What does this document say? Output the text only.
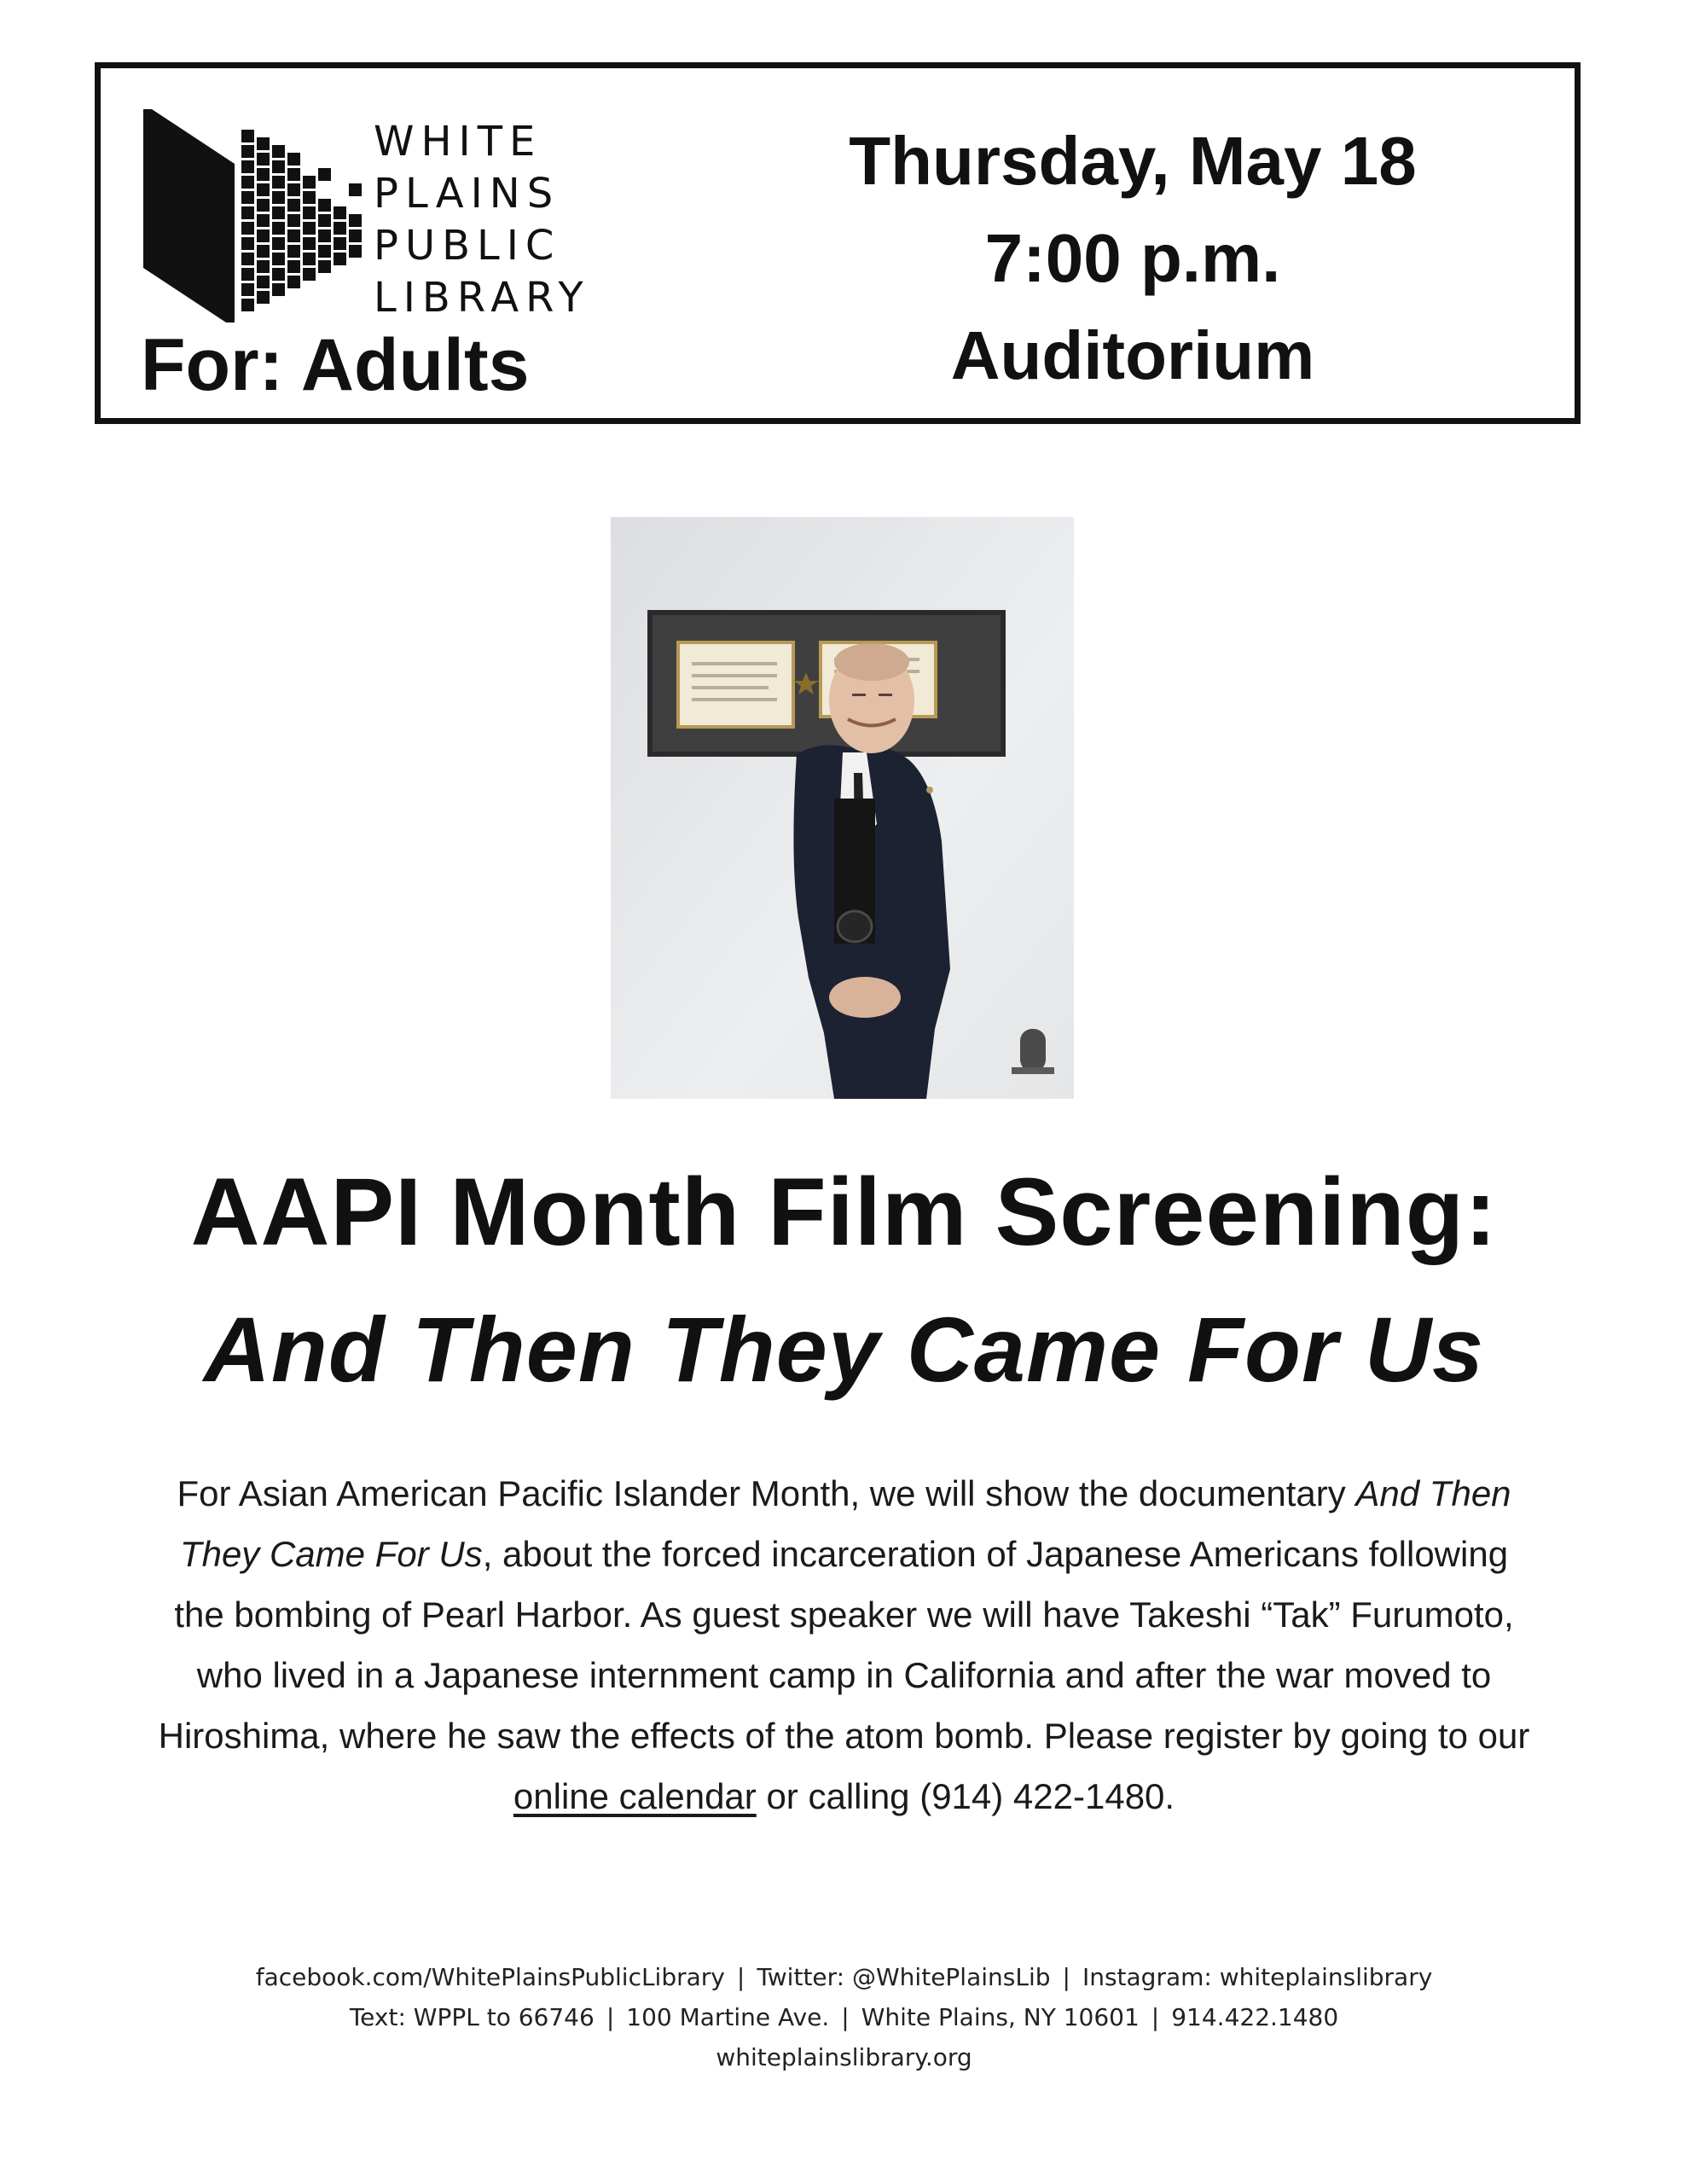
WHITE
PLAINS
PUBLIC
LIBRARY
For: Adults
Thursday, May 18
7:00 p.m.
Auditorium
AAPI Month Film Screening:
And Then They Came For Us
For Asian American Pacific Islander Month, we will show the documentary And Then
They Came For Us, about the forced incarceration of Japanese Americans following
the bombing of Pearl Harbor. As guest speaker we will have Takeshi “Tak” Furumoto,
who lived in a Japanese internment camp in California and after the war moved to
Hiroshima, where he saw the effects of the atom bomb. Please register by going to our
online calendar or calling (914) 422-1480.
facebook.com/WhitePlainsPublicLibrary | Twitter: @WhitePlainsLib | Instagram: whiteplainslibrary
Text: WPPL to 66746 | 100 Martine Ave. | White Plains, NY 10601 | 914.422.1480
whiteplainslibrary.org
